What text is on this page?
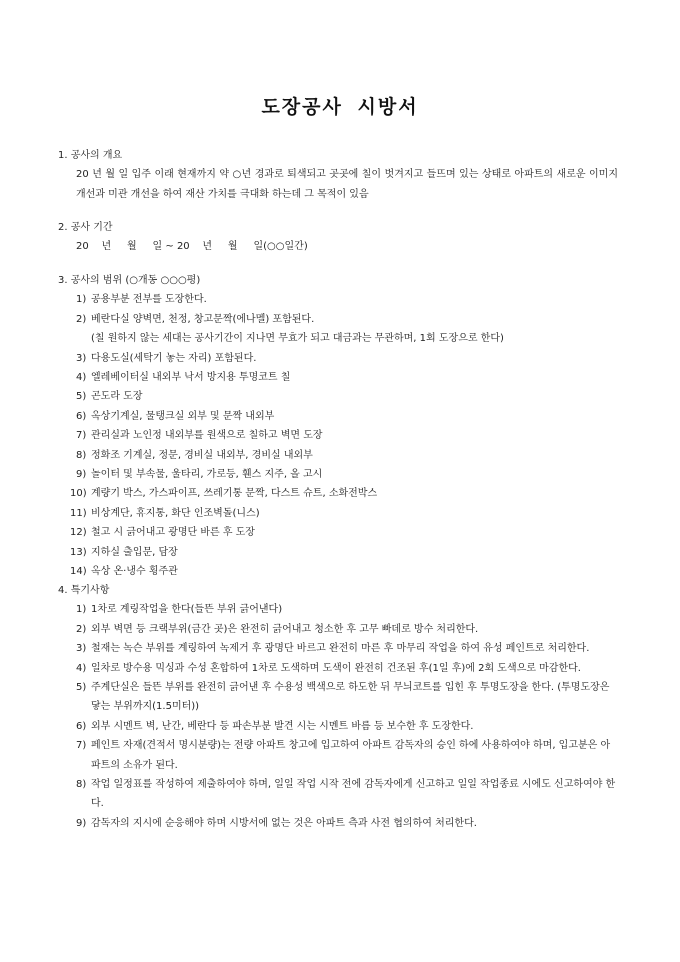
도장공사 시방서
1. 공사의 개요
20 년 월 일 입주 이래 현재까지 약 ○년 경과로 퇴색되고 곳곳에 칠이 벗겨지고 들뜨며 있는 상태로 아파트의 새로운 이미지 개선과 미관 개선을 하여 재산 가치를 극대화 하는데 그 목적이 있음
2. 공사 기간
20    년     월     일 ~ 20    년     월     일(○○일간)
3. 공사의 범위 (○개동 ○○○평)
1) 공용부분 전부를 도장한다.
2) 베란다실 양벽면, 천정, 창고문짝(에나멜) 포함된다.
(칠 원하지 않는 세대는 공사기간이 지나면 무효가 되고 대금과는 무관하며, 1회 도장으로 한다)
3) 다용도실(세탁기 놓는 자리) 포함된다.
4) 엘레베이터실 내외부 낙서 방지용 투명코트 칠
5) 곤도라 도장
6) 옥상기계실, 물탱크실 외부 및 문짝 내외부
7) 관리실과 노인정 내외부를 원색으로 칠하고 벽면 도장
8) 정화조 기계실, 정문, 경비실 내외부, 경비실 내외부
9) 놀이터 및 부속물, 울타리, 가로등, 휀스 지주, 올 고시
10) 계량기 박스, 가스파이프, 쓰레기통 문짝, 다스트 슈트, 소화전박스
11) 비상계단, 휴지통, 화단 인조벽돌(니스)
12) 철고 시 긁어내고 광명단 바른 후 도장
13) 지하실 출입문, 담장
14) 옥상 온·냉수 횡주관
4. 특기사항
1) 1차로 계링작업을 한다(들뜬 부위 긁어낸다)
2) 외부 벽면 등 크랙부위(금간 곳)은 완전히 긁어내고 청소한 후 고무 빠데로 방수 처리한다.
3) 철재는 녹슨 부위를 계링하여 녹제거 후 광명단 바르고 완전히 마른 후 마무리 작업을 하여 유성 페인트로 처리한다.
4) 일차로 방수용 믹싱과 수성 혼합하여 1차로 도색하며 도색이 완전히 건조된 후(1일 후)에 2회 도색으로 마감한다.
5) 주계단실은 들뜬 부위를 완전히 긁어낸 후 수용성 백색으로 하도한 뒤 무늬코트를 입힌 후 투명도장을 한다. (투명도장은 닿는 부위까지(1.5미터))
6) 외부 시멘트 벽, 난간, 베란다 등 파손부분 발견 시는 시멘트 바름 등 보수한 후 도장한다.
7) 페인트 자재(견적서 명시분량)는 전량 아파트 창고에 입고하여 아파트 감독자의 승인 하에 사용하여야 하며, 입고분은 아파트의 소유가 된다.
8) 작업 일정표를 작성하여 제출하여야 하며, 일일 작업 시작 전에 감독자에게 신고하고 일일 작업종료 시에도 신고하여야 한다.
9) 감독자의 지시에 순응해야 하며 시방서에 없는 것은 아파트 측과 사전 협의하여 처리한다.
